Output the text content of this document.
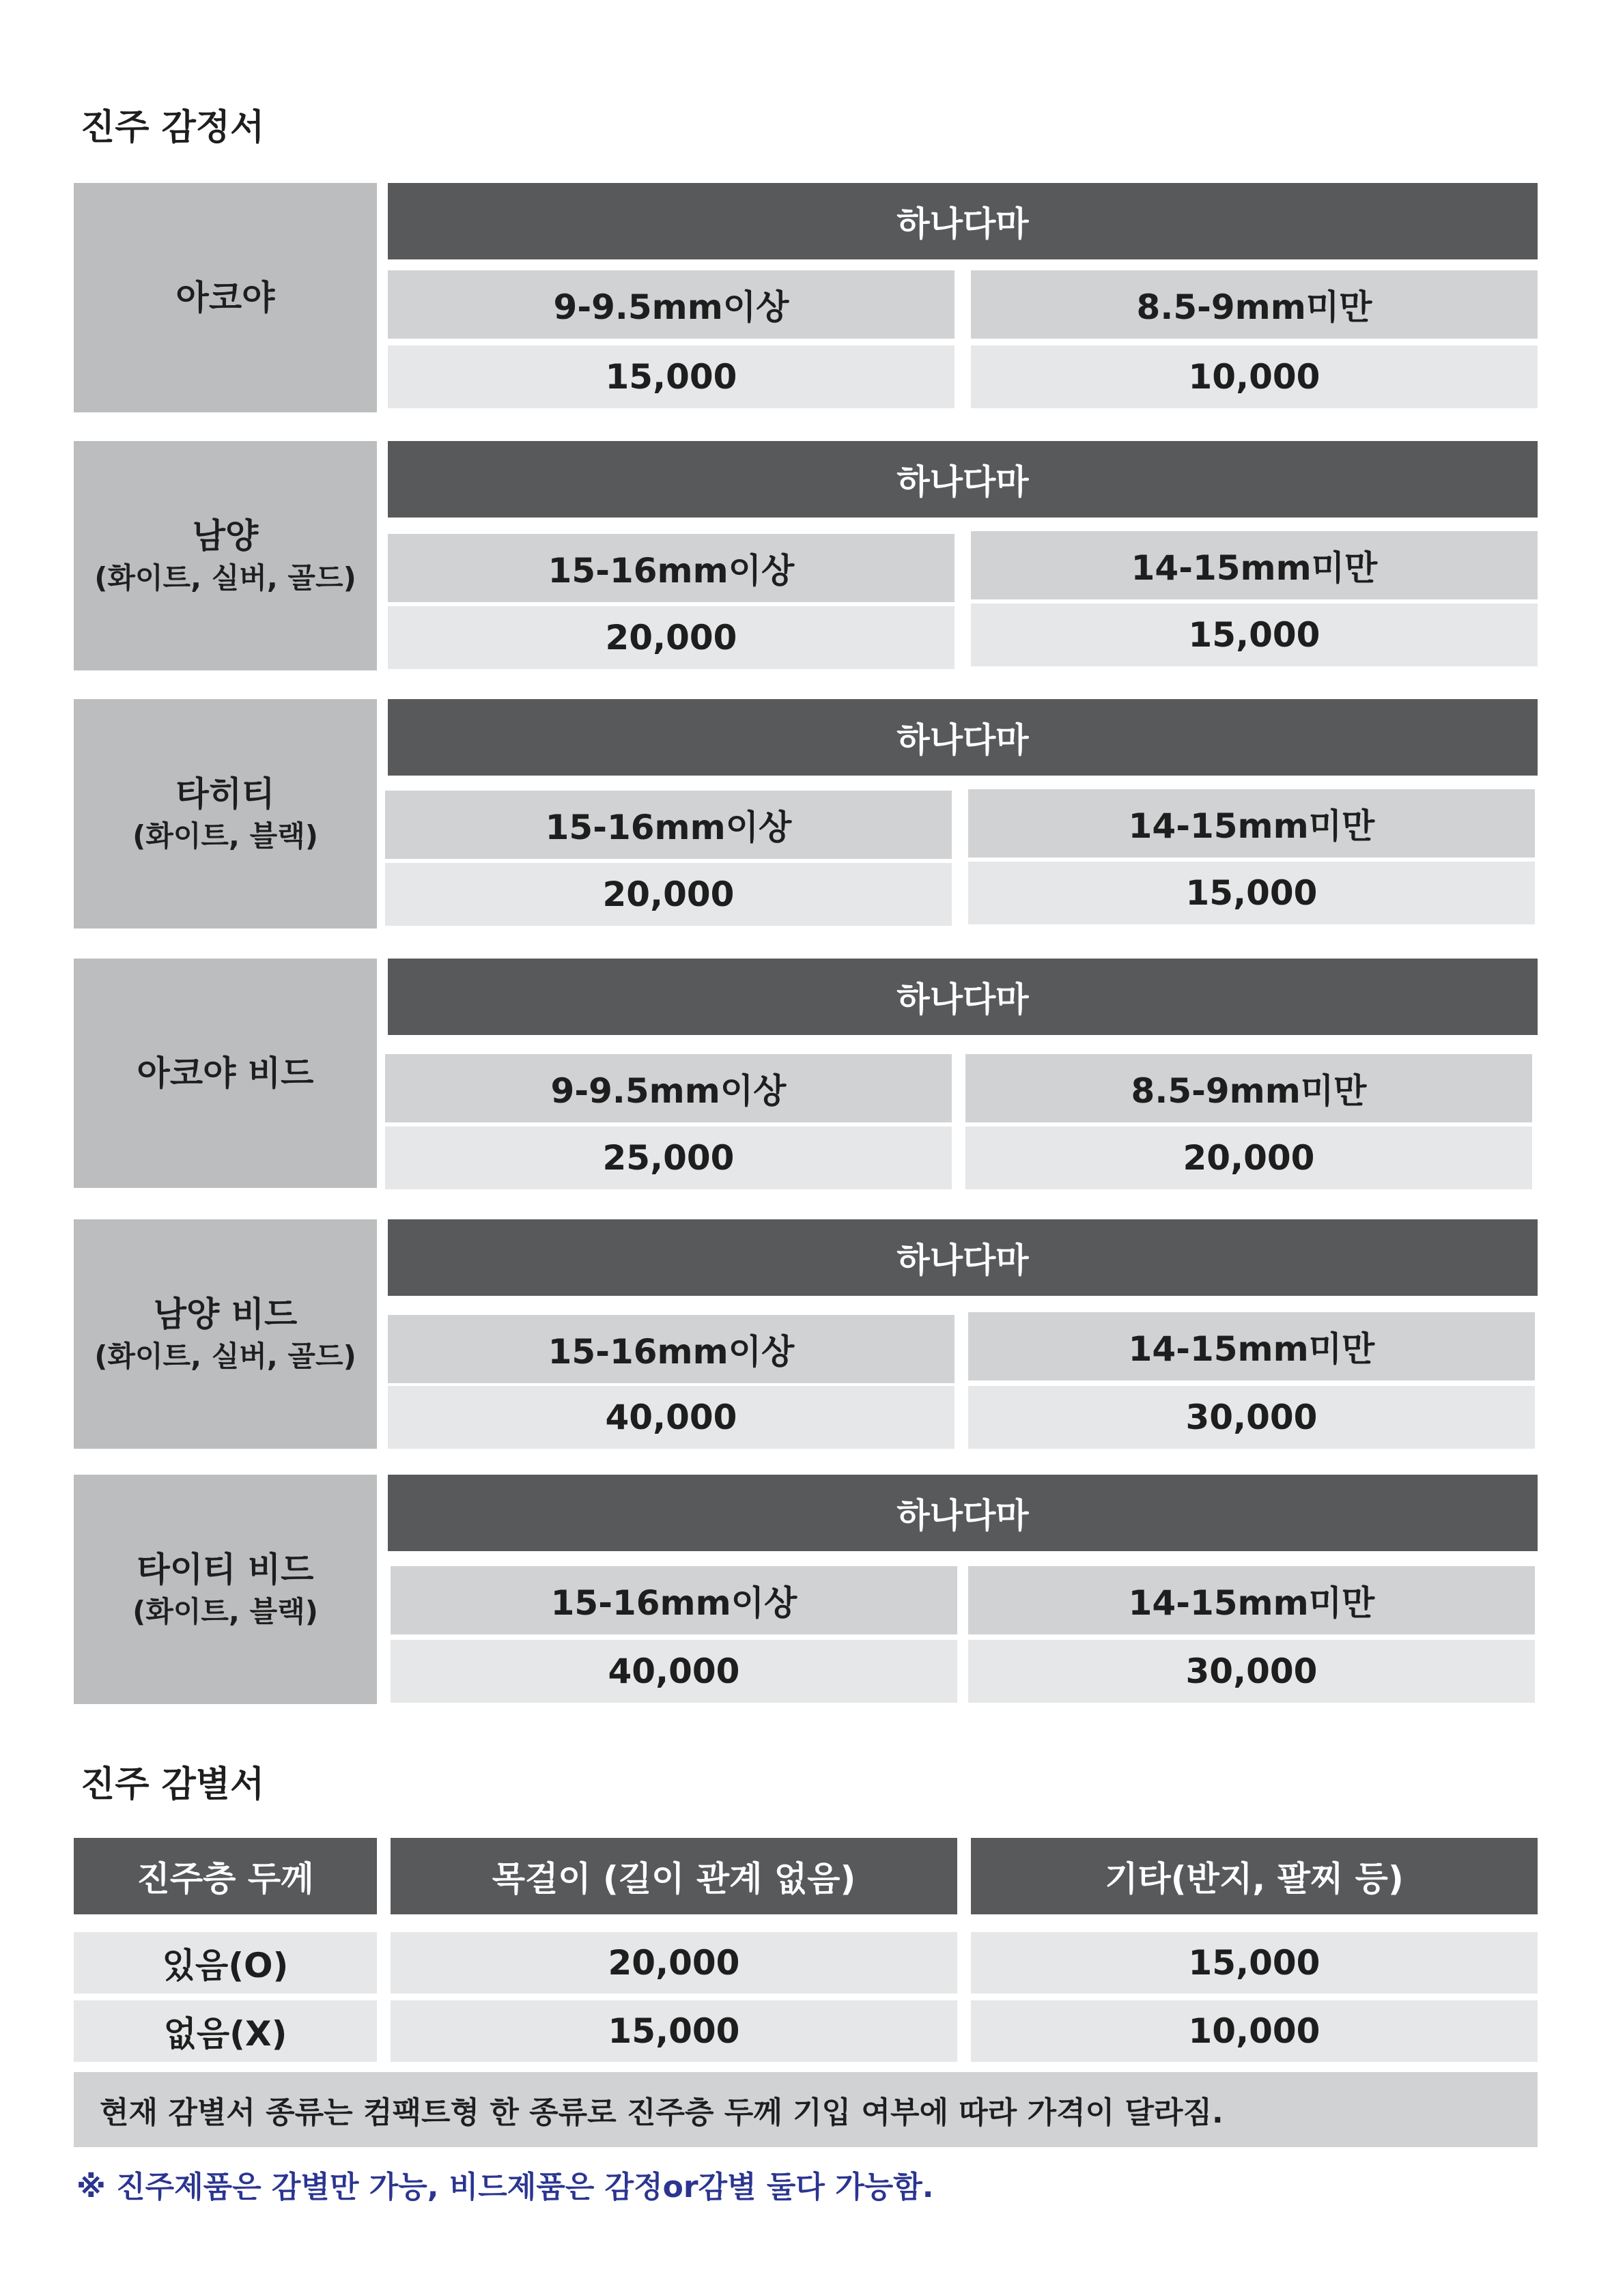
진주 감정서
아코야
하나다마
9-9.5mm이상	8.5-9mm미만
15,000	10,000
남양
(화이트, 실버, 골드)
하나다마
15-16mm이상	14-15mm미만
20,000	15,000
타히티
(화이트, 블랙)
하나다마
15-16mm이상	14-15mm미만
20,000	15,000
아코야 비드
하나다마
9-9.5mm이상	8.5-9mm미만
25,000	20,000
남양 비드
(화이트, 실버, 골드)
하나다마
15-16mm이상	14-15mm미만
40,000	30,000
타이티 비드
(화이트, 블랙)
하나다마
15-16mm이상	14-15mm미만
40,000	30,000
진주 감별서
진주층 두께	목걸이 (길이 관계 없음)	기타(반지, 팔찌 등)
있음(O)	20,000	15,000
없음(X)	15,000	10,000
현재 감별서 종류는 컴팩트형 한 종류로 진주층 두께 기입 여부에 따라 가격이 달라짐.
※ 진주제품은 감별만 가능, 비드제품은 감정or감별 둘다 가능함.
